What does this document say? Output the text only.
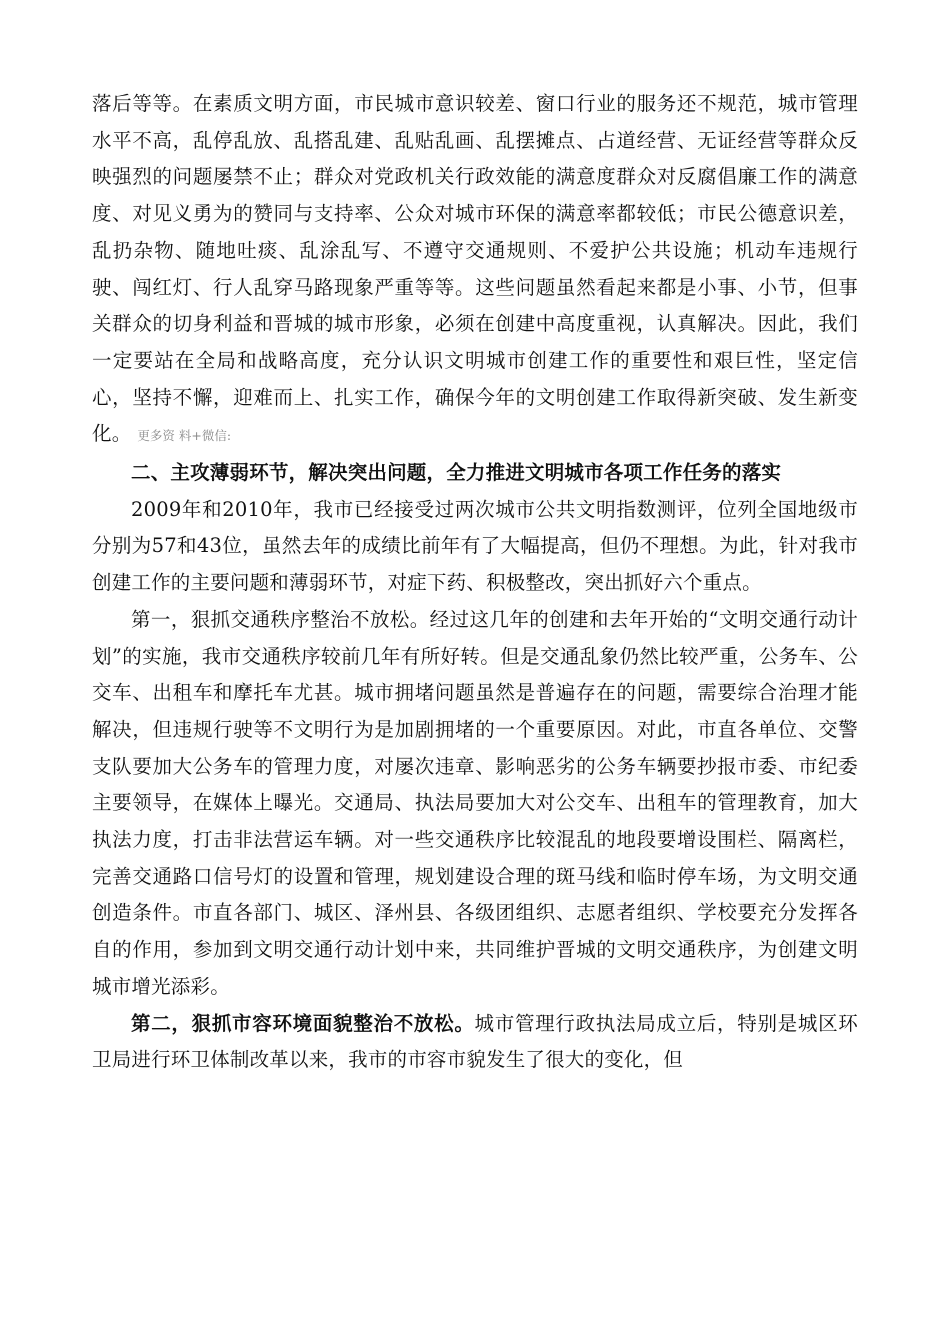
落后等等。在素质文明方面，市民城市意识较差、窗口行业的服务还不规范，城市管理水平不高，乱停乱放、乱搭乱建、乱贴乱画、乱摆摊点、占道经营、无证经营等群众反映强烈的问题屡禁不止；群众对党政机关行政效能的满意度群众对反腐倡廉工作的满意度、对见义勇为的赞同与支持率、公众对城市环保的满意率都较低；市民公德意识差，乱扔杂物、随地吐痰、乱涂乱写、不遵守交通规则、不爱护公共设施；机动车违规行驶、闯红灯、行人乱穿马路现象严重等等。这些问题虽然看起来都是小事、小节，但事关群众的切身利益和晋城的城市形象，必须在创建中高度重视，认真解决。因此，我们一定要站在全局和战略高度，充分认识文明城市创建工作的重要性和艰巨性，坚定信心，坚持不懈，迎难而上、扎实工作，确保今年的文明创建工作取得新突破、发生新变化。 更多资 料+微信:

二、主攻薄弱环节，解决突出问题，全力推进文明城市各项工作任务的落实

2009年和2010年，我市已经接受过两次城市公共文明指数测评，位列全国地级市分别为57和43位，虽然去年的成绩比前年有了大幅提高，但仍不理想。为此，针对我市创建工作的主要问题和薄弱环节，对症下药、积极整改，突出抓好六个重点。

第一，狠抓交通秩序整治不放松。经过这几年的创建和去年开始的“文明交通行动计划”的实施，我市交通秩序较前几年有所好转。但是交通乱象仍然比较严重，公务车、公交车、出租车和摩托车尤甚。城市拥堵问题虽然是普遍存在的问题，需要综合治理才能解决，但违规行驶等不文明行为是加剧拥堵的一个重要原因。对此，市直各单位、交警支队要加大公务车的管理力度，对屡次违章、影响恶劣的公务车辆要抄报市委、市纪委主要领导，在媒体上曝光。交通局、执法局要加大对公交车、出租车的管理教育，加大执法力度，打击非法营运车辆。对一些交通秩序比较混乱的地段要增设围栏、隔离栏，完善交通路口信号灯的设置和管理，规划建设合理的斑马线和临时停车场，为文明交通创造条件。市直各部门、城区、泽州县、各级团组织、志愿者组织、学校要充分发挥各自的作用，参加到文明交通行动计划中来，共同维护晋城的文明交通秩序，为创建文明城市增光添彩。

第二，狠抓市容环境面貌整治不放松。城市管理行政执法局成立后，特别是城区环卫局进行环卫体制改革以来，我市的市容市貌发生了很大的变化，但
